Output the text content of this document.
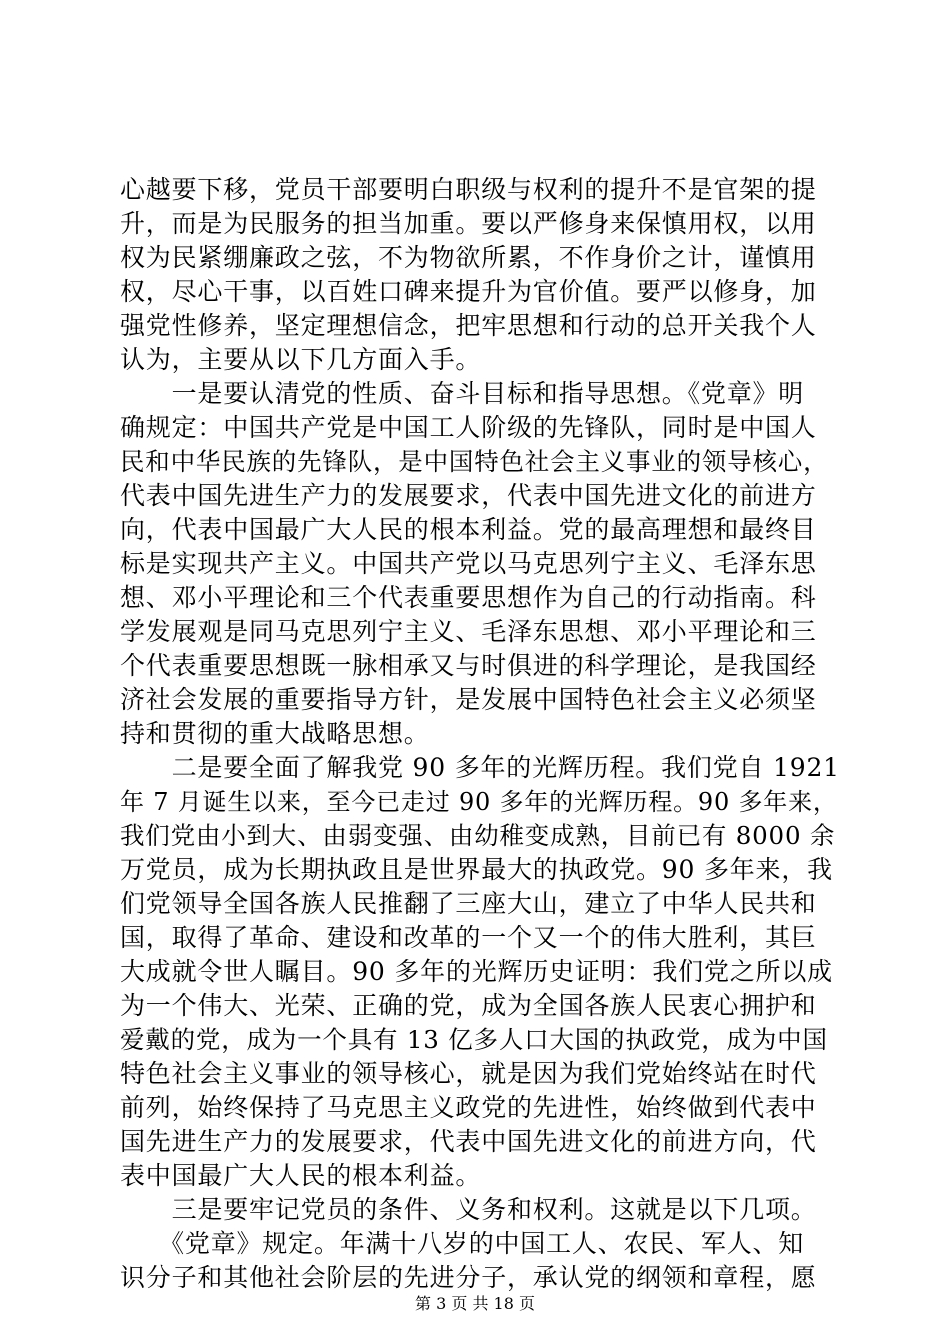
心越要下移，党员干部要明白职级与权利的提升不是官架的提
升，而是为民服务的担当加重。要以严修身来保慎用权，以用
权为民紧绷廉政之弦，不为物欲所累，不作身价之计，谨慎用
权，尽心干事，以百姓口碑来提升为官价值。要严以修身，加
强党性修养，坚定理想信念，把牢思想和行动的总开关我个人
认为，主要从以下几方面入手。
　　一是要认清党的性质、奋斗目标和指导思想。《党章》明
确规定：中国共产党是中国工人阶级的先锋队，同时是中国人
民和中华民族的先锋队，是中国特色社会主义事业的领导核心，
代表中国先进生产力的发展要求，代表中国先进文化的前进方
向，代表中国最广大人民的根本利益。党的最高理想和最终目
标是实现共产主义。中国共产党以马克思列宁主义、毛泽东思
想、邓小平理论和三个代表重要思想作为自己的行动指南。科
学发展观是同马克思列宁主义、毛泽东思想、邓小平理论和三
个代表重要思想既一脉相承又与时俱进的科学理论，是我国经
济社会发展的重要指导方针，是发展中国特色社会主义必须坚
持和贯彻的重大战略思想。
　　二是要全面了解我党 90 多年的光辉历程。我们党自 1921
年 7 月诞生以来，至今已走过 90 多年的光辉历程。90 多年来，
我们党由小到大、由弱变强、由幼稚变成熟，目前已有 8000 余
万党员，成为长期执政且是世界最大的执政党。90 多年来，我
们党领导全国各族人民推翻了三座大山，建立了中华人民共和
国，取得了革命、建设和改革的一个又一个的伟大胜利，其巨
大成就令世人瞩目。90 多年的光辉历史证明：我们党之所以成
为一个伟大、光荣、正确的党，成为全国各族人民衷心拥护和
爱戴的党，成为一个具有 13 亿多人口大国的执政党，成为中国
特色社会主义事业的领导核心，就是因为我们党始终站在时代
前列，始终保持了马克思主义政党的先进性，始终做到代表中
国先进生产力的发展要求，代表中国先进文化的前进方向，代
表中国最广大人民的根本利益。
　　三是要牢记党员的条件、义务和权利。这就是以下几项。
　　《党章》规定。年满十八岁的中国工人、农民、军人、知
识分子和其他社会阶层的先进分子，承认党的纲领和章程，愿
第 3 页 共 18 页
